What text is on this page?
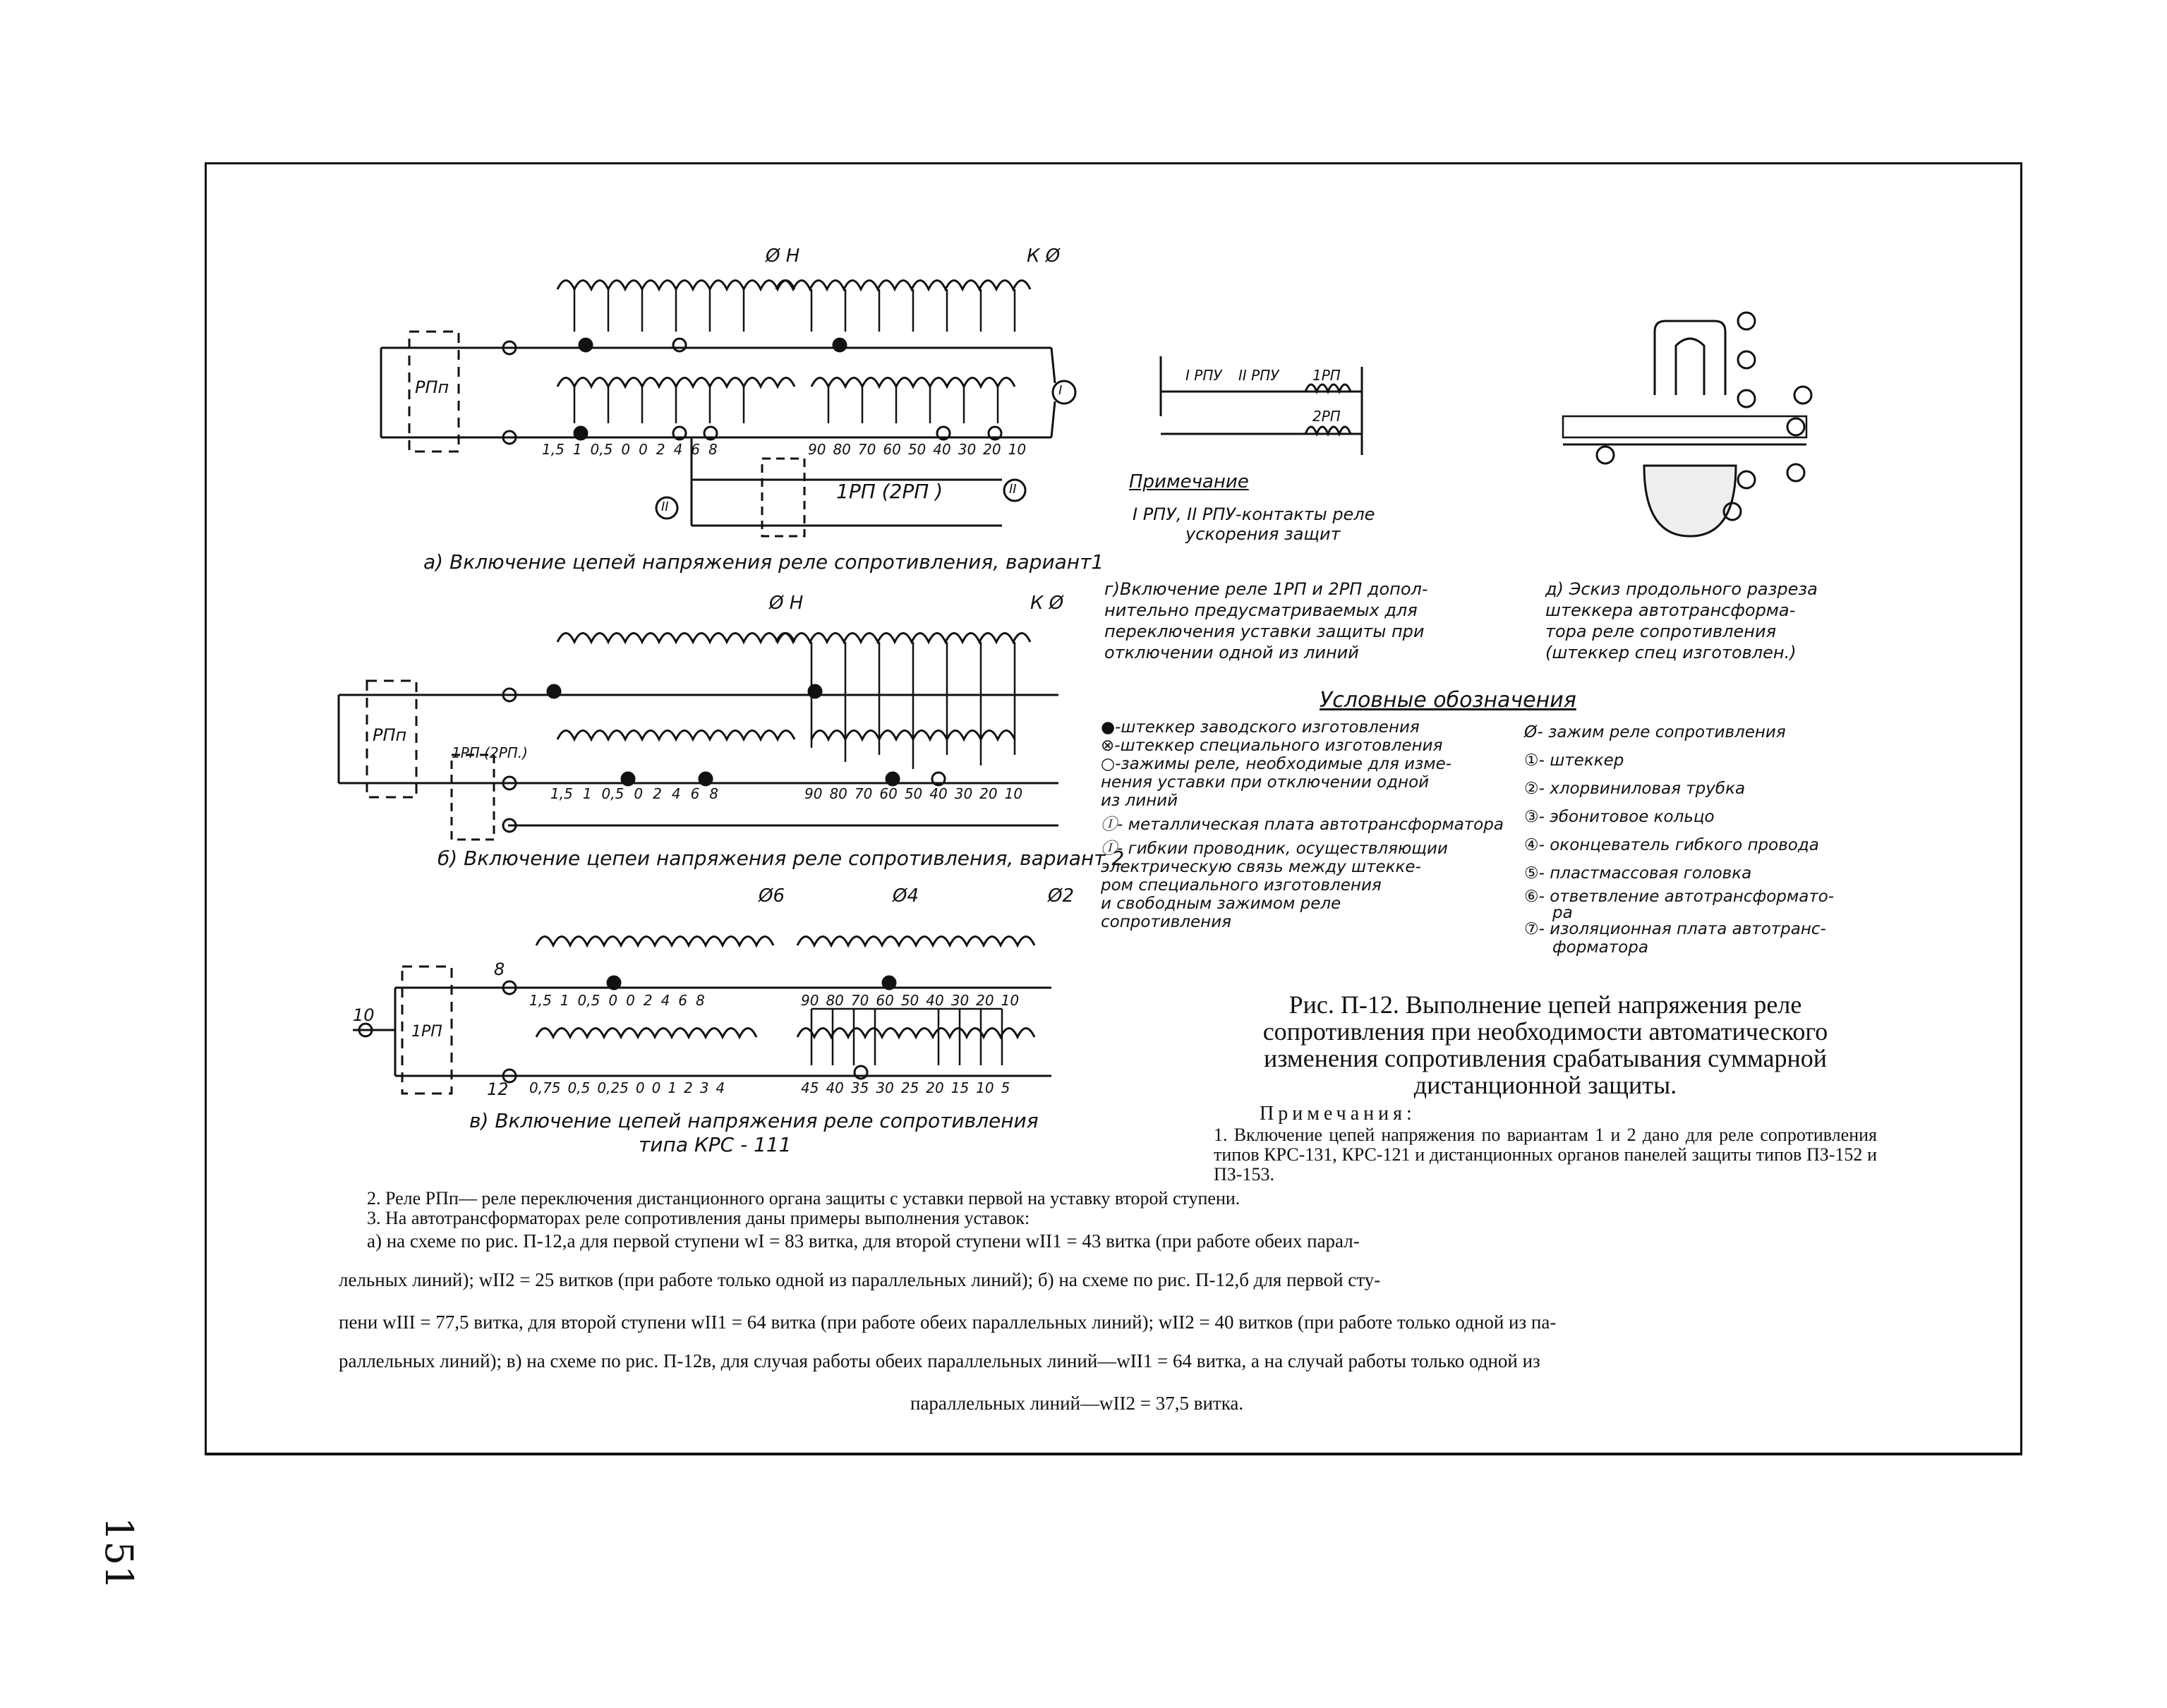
151
Ø Н	К Ø
РПп
1РП (2РП )
а) Включение цепей напряжения реле сопротивления, вариант1
1,5 1 0,5 0 0 2 4 6 8	90 80 70 60 50 40 30 20 10
I
II
II
Ø Н	К Ø
РПп
1РП (2РП.)
1,5 1 0,5 0 2 4 6 8	90 80 70 60 50 40 30 20 10
б) Включение цепеи напряжения реле сопротивления, вариант 2
Ø6	Ø4	Ø2
1РП
8
10
12
1,5 1 0,5 0 0 2 4 6 8	90 80 70 60 50 40 30 20 10
0,75 0,5 0,25 0 0 1 2 3 4	45 40 35 30 25 20 15 10 5
в) Включение цепей напряжения реле сопротивления
типа КРС - 111
I РПУ II РПУ 1РП
2РП
Примечание
I РПУ, II РПУ-контакты реле
ускорения защит
г)Включение реле 1РП и 2РП допол-
нительно предусматриваемых для
переключения уставки защиты при
отключении одной из линий
д) Эскиз продольного разреза
штеккера автотрансформа-
тора реле сопротивления
(штеккер спец изготовлен.)
Условные обозначения
●-штеккер заводского изготовления
⊗-штеккер специального изготовления
○-зажимы реле, необходимые для изме-
нения уставки при отключении одной
из линий
Ⓘ- металлическая плата автотрансформатора
Ⓘ- гибкии проводник, осуществляющии
электрическую связь между штекке-
ром специального изготовления
и свободным зажимом реле
сопротивления
Ø- зажим реле сопротивления
①- штеккер
②- хлорвиниловая трубка
③- эбонитовое кольцо
④- оконцеватель гибкого провода
⑤- пластмассовая головка
⑥- ответвление автотрансформато-
ра
⑦- изоляционная плата автотранс-
форматора
Рис. П-12. Выполнение цепей напряжения реле сопротивления при необходимости автоматического изменения сопротивления срабатывания суммарной дистанционной защиты.
Примечания:
1. Включение цепей напряжения по вариантам 1 и 2 дано для реле сопротивления типов КРС-131, КРС-121 и дистанционных органов панелей защиты типов ПЗ-152 и ПЗ-153.
2. Реле РПп— реле переключения дистанционного органа защиты с уставки первой на уставку второй ступени.
3. На автотрансформаторах реле сопротивления даны примеры выполнения уставок:
а) на схеме по рис. П-12,а для первой ступени wI = 83 витка, для второй ступени wII1 = 43 витка (при работе обеих парал-
лельных линий); wII2 = 25 витков (при работе только одной из параллельных линий); б) на схеме по рис. П-12,б для первой сту-
пени wIII = 77,5 витка, для второй ступени wII1 = 64 витка (при работе обеих параллельных линий); wII2 = 40 витков (при работе только одной из па-
раллельных линий); в) на схеме по рис. П-12в, для случая работы обеих параллельных линий—wII1 = 64 витка, а на случай работы только одной из
параллельных линий—wII2 = 37,5 витка.
